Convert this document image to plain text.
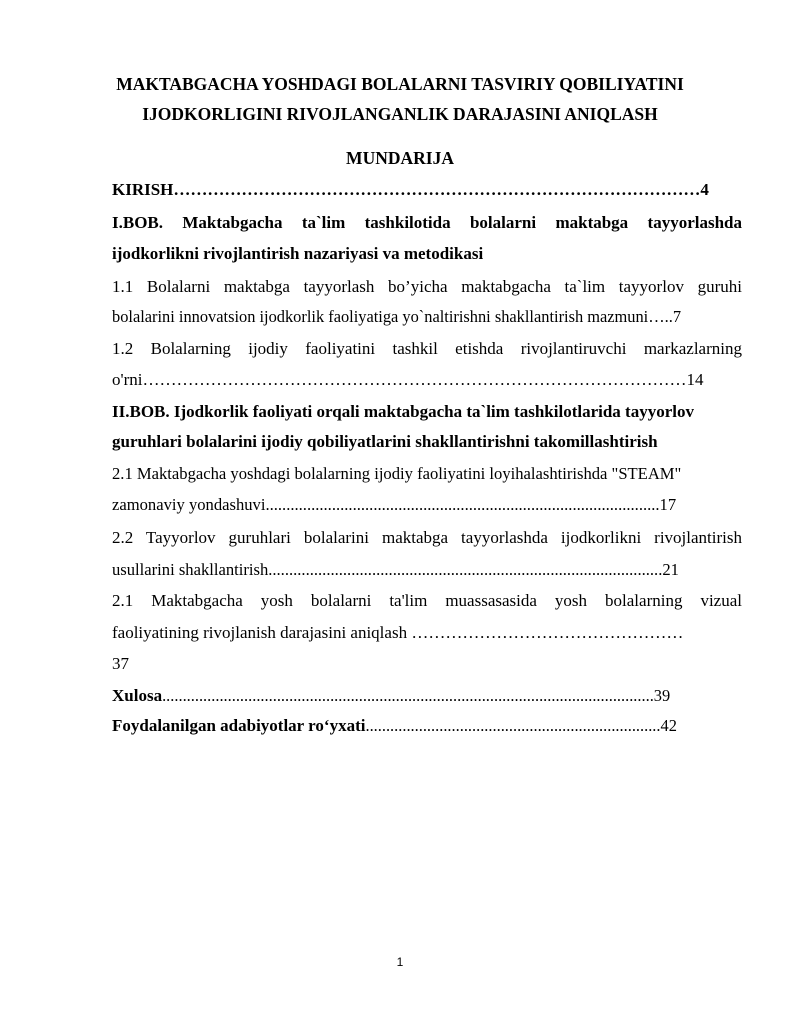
MAKTABGACHA YOSHDAGI BOLALARNI TASVIRIY QOBILIYATINI
IJODKORLIGINI RIVOJLANGANLIK DARAJASINI ANIQLASH
MUNDARIJA
KIRISH…………………………………………………………………………………4
I.BOB. Maktabgacha ta`lim tashkilotida bolalarni maktabga tayyorlashda
ijodkorlikni rivojlantirish nazariyasi va metodikasi
1.1 Bolalarni maktabga tayyorlash bo’yicha maktabgacha ta`lim tayyorlov guruhi
bolalarini innovatsion ijodkorlik faoliyatiga yo`naltirishni shakllantirish mazmuni…..7
1.2 Bolalarning ijodiy faoliyatini tashkil etishda rivojlantiruvchi markazlarning
o'rni……………………………………………………………………………………14
II.BOB. Ijodkorlik faoliyati orqali maktabgacha ta`lim tashkilotlarida tayyorlov
guruhlari bolalarini ijodiy qobiliyatlarini shakllantirishni takomillashtirish
2.1 Maktabgacha yoshdagi bolalarning ijodiy faoliyatini loyihalashtirishda "STEAM"
zamonaviy yondashuvi...............................................................................................17
2.2 Tayyorlov guruhlari bolalarini maktabga tayyorlashda ijodkorlikni rivojlantirish
usullarini shakllantirish...............................................................................................21
2.1 Maktabgacha yosh bolalarni ta'lim muassasasida yosh bolalarning vizual
faoliyatining rivojlanish darajasini aniqlash …………………………………………
37
Xulosa........................................................................................................................39
Foydalanilgan adabiyotlar ro‘yxati........................................................................42
1
